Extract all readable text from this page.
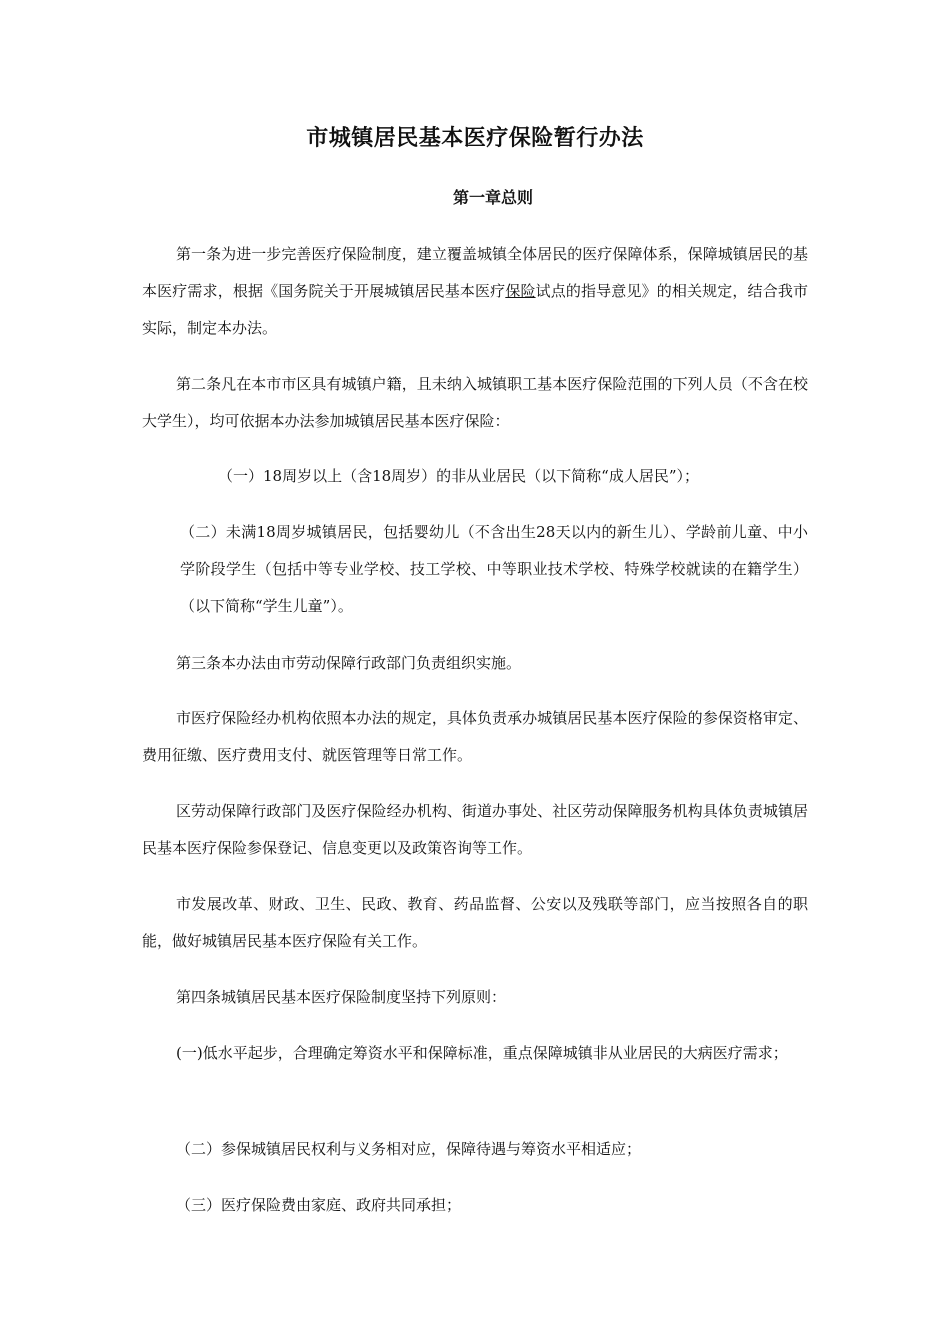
市城镇居民基本医疗保险暂行办法
第一章总则

第一条为进一步完善医疗保险制度，建立覆盖城镇全体居民的医疗保障体系，保障城镇居民的基本医疗需求，根据《国务院关于开展城镇居民基本医疗保险试点的指导意见》的相关规定，结合我市实际，制定本办法。

第二条凡在本市市区具有城镇户籍，且未纳入城镇职工基本医疗保险范围的下列人员（不含在校大学生），均可依据本办法参加城镇居民基本医疗保险：

（一）18周岁以上（含18周岁）的非从业居民（以下简称“成人居民”）；

（二）未满18周岁城镇居民，包括婴幼儿（不含出生28天以内的新生儿）、学龄前儿童、中小学阶段学生（包括中等专业学校、技工学校、中等职业技术学校、特殊学校就读的在籍学生）（以下简称“学生儿童”）。

第三条本办法由市劳动保障行政部门负责组织实施。

市医疗保险经办机构依照本办法的规定，具体负责承办城镇居民基本医疗保险的参保资格审定、费用征缴、医疗费用支付、就医管理等日常工作。

区劳动保障行政部门及医疗保险经办机构、街道办事处、社区劳动保障服务机构具体负责城镇居民基本医疗保险参保登记、信息变更以及政策咨询等工作。

市发展改革、财政、卫生、民政、教育、药品监督、公安以及残联等部门，应当按照各自的职能，做好城镇居民基本医疗保险有关工作。

第四条城镇居民基本医疗保险制度坚持下列原则：

(一)低水平起步，合理确定筹资水平和保障标准，重点保障城镇非从业居民的大病医疗需求；

（二）参保城镇居民权利与义务相对应，保障待遇与筹资水平相适应；

（三）医疗保险费由家庭、政府共同承担；
